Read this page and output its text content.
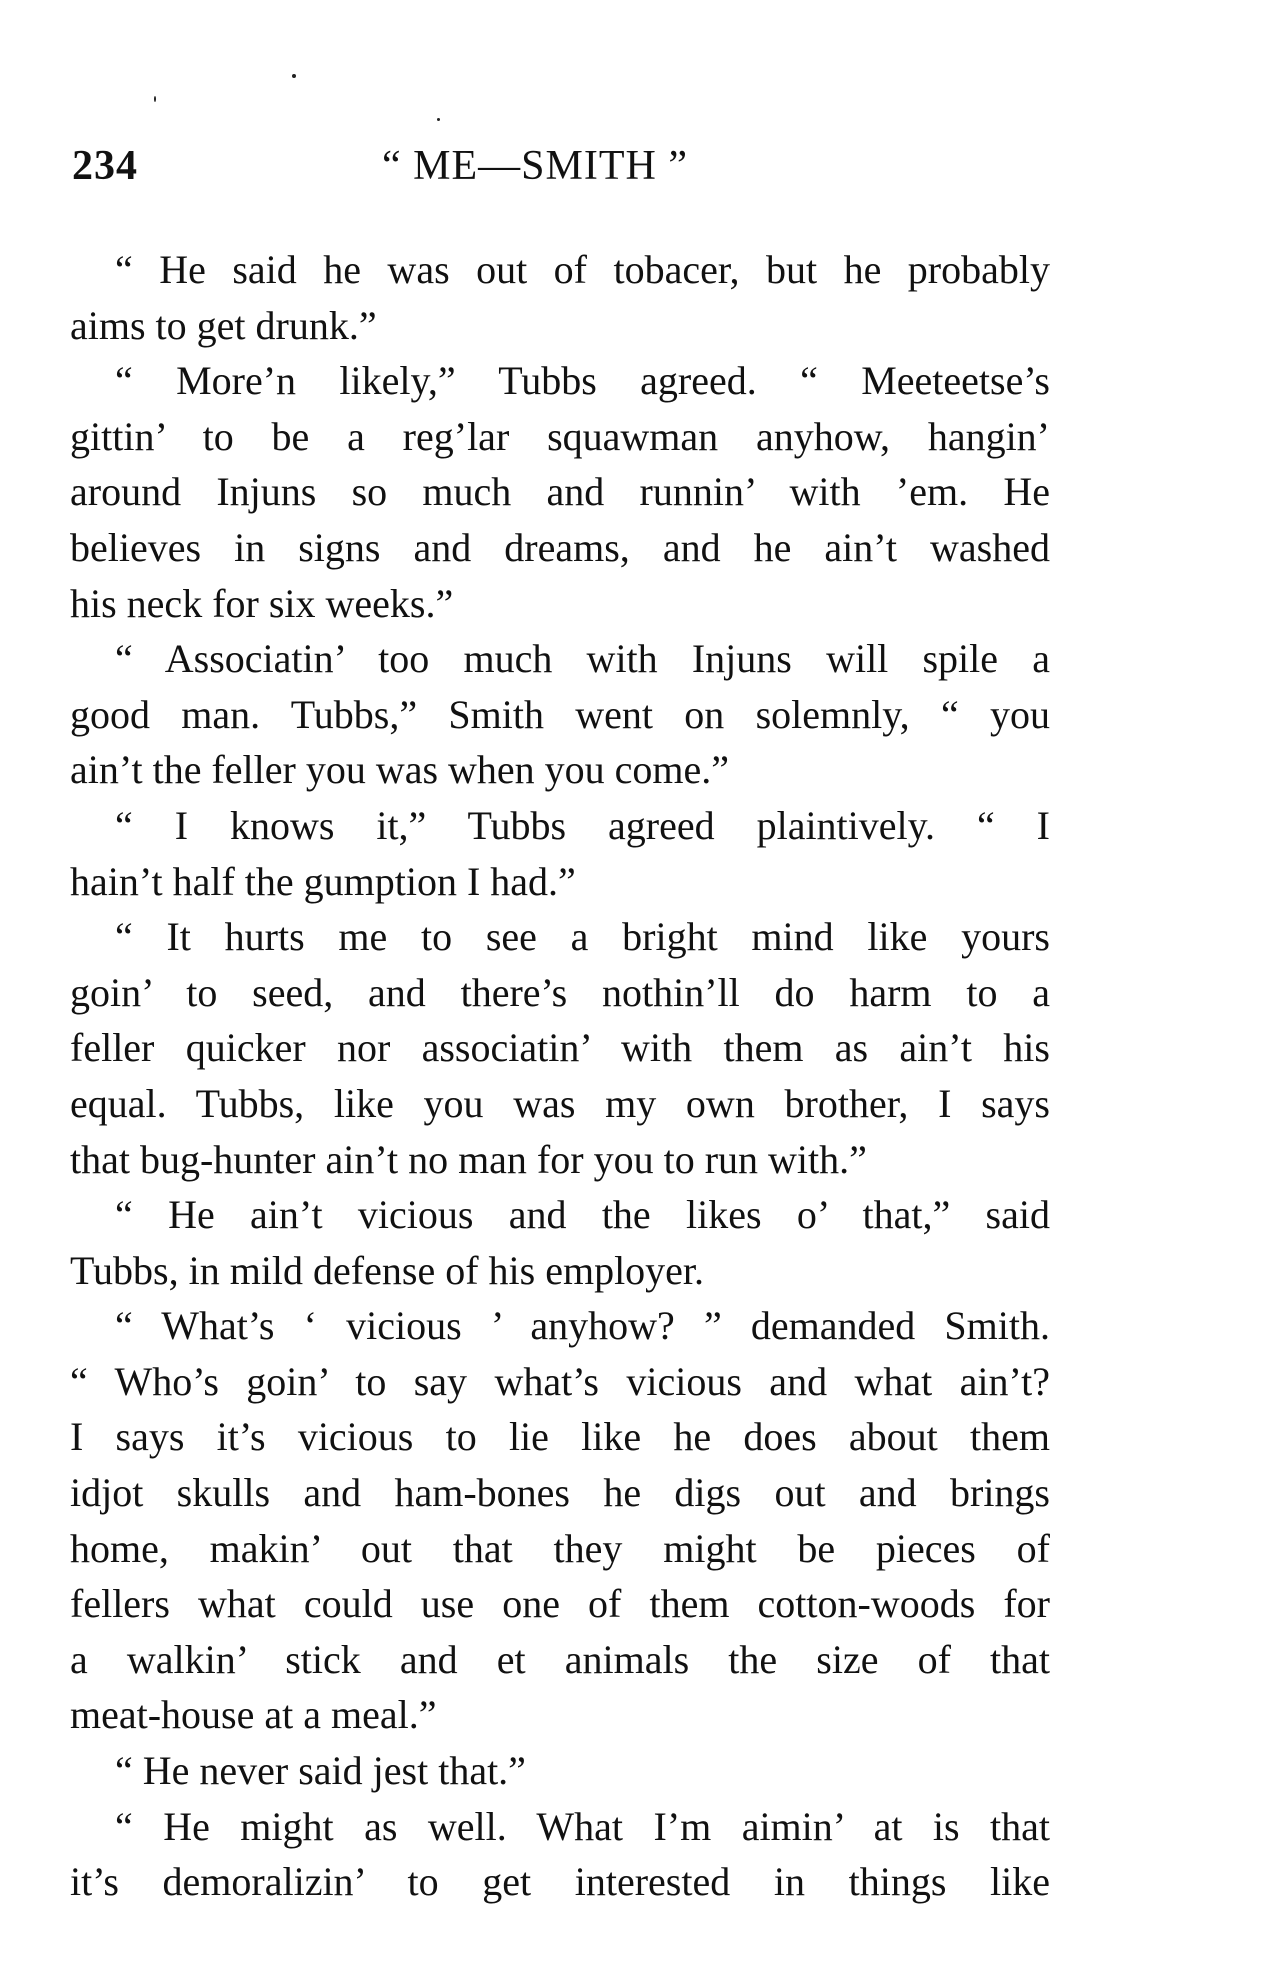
234	“ ME—SMITH ”
“ He said he was out of tobacer, but he probably
aims to get drunk.”
“ More’n likely,” Tubbs agreed. “ Meeteetse’s
gittin’ to be a reg’lar squawman anyhow, hangin’
around Injuns so much and runnin’ with ’em. He
believes in signs and dreams, and he ain’t washed
his neck for six weeks.”
“ Associatin’ too much with Injuns will spile a
good man. Tubbs,” Smith went on solemnly, “ you
ain’t the feller you was when you come.”
“ I knows it,” Tubbs agreed plaintively. “ I
hain’t half the gumption I had.”
“ It hurts me to see a bright mind like yours
goin’ to seed, and there’s nothin’ll do harm to a
feller quicker nor associatin’ with them as ain’t his
equal. Tubbs, like you was my own brother, I says
that bug-hunter ain’t no man for you to run with.”
“ He ain’t vicious and the likes o’ that,” said
Tubbs, in mild defense of his employer.
“ What’s ‘ vicious ’ anyhow? ” demanded Smith.
“ Who’s goin’ to say what’s vicious and what ain’t?
I says it’s vicious to lie like he does about them
idjot skulls and ham-bones he digs out and brings
home, makin’ out that they might be pieces of
fellers what could use one of them cotton-woods for
a walkin’ stick and et animals the size of that
meat-house at a meal.”
“ He never said jest that.”
“ He might as well. What I’m aimin’ at is that
it’s demoralizin’ to get interested in things like
